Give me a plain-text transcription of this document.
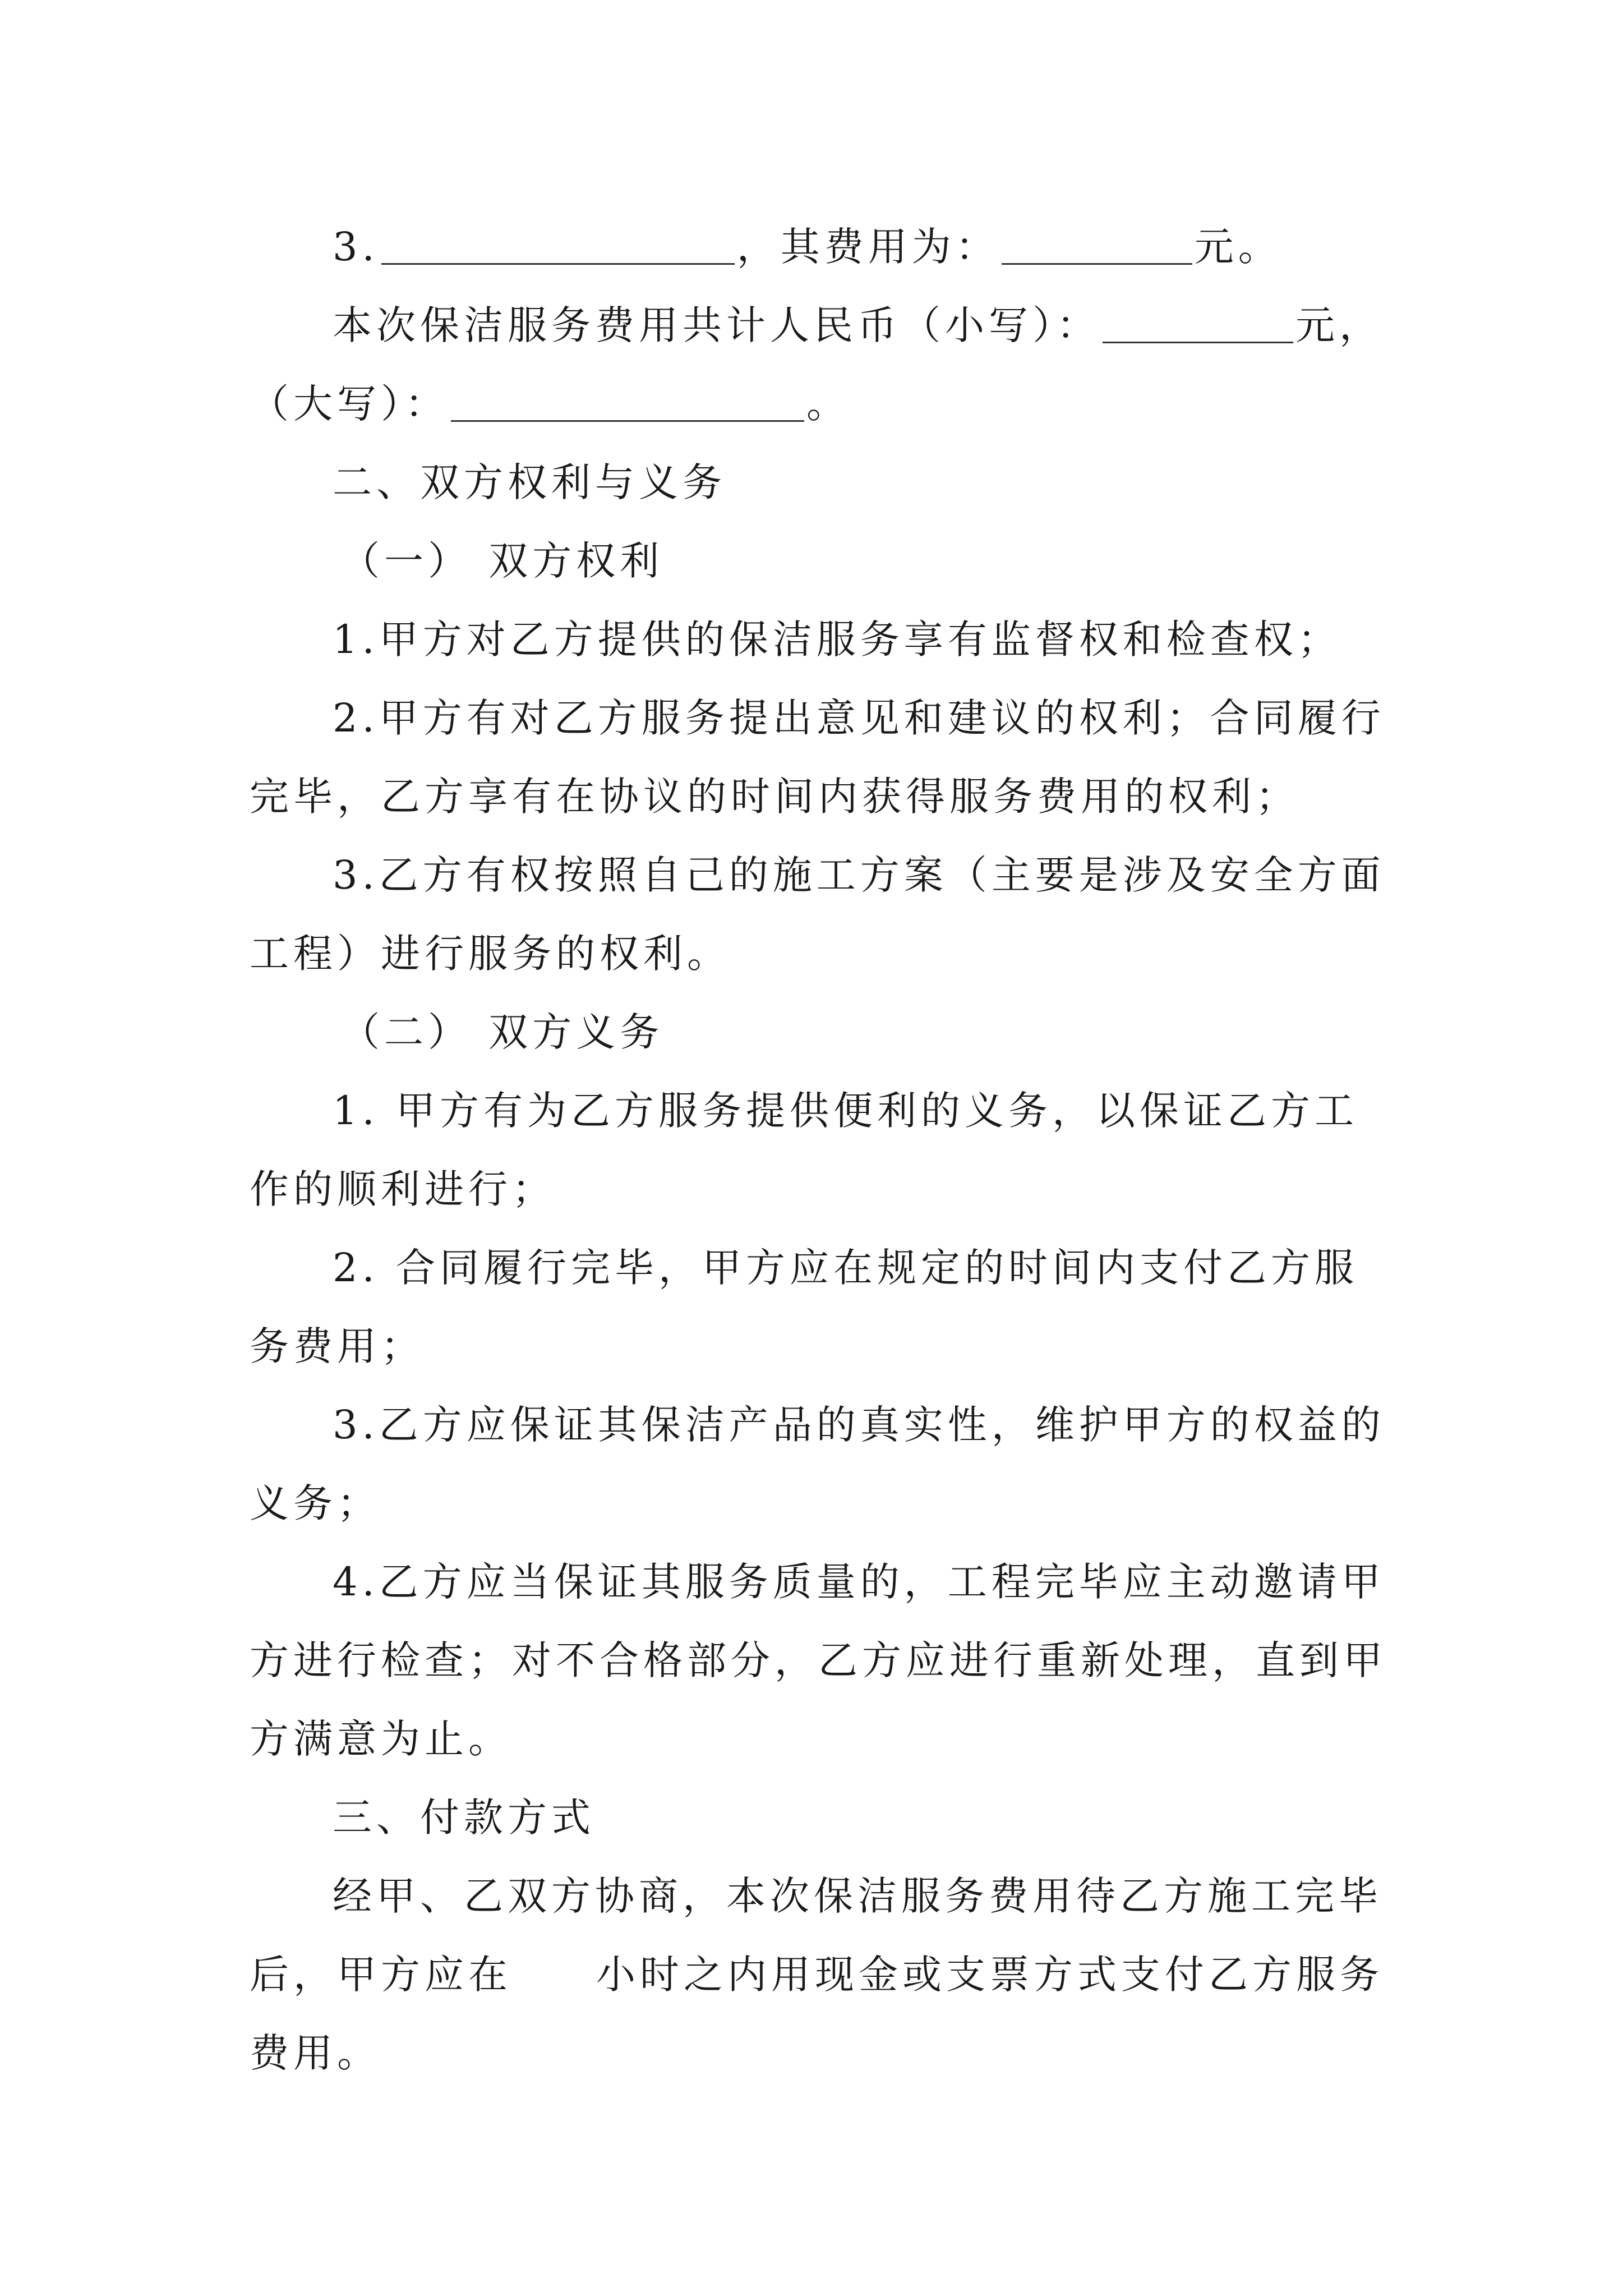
3.	，其费用为：	元。
本次保洁服务费用共计人民币（小写）：	元，
（大写）：	。
二、双方权利与义务
（一） 双方权利
1.甲方对乙方提供的保洁服务享有监督权和检查权；
2.甲方有对乙方服务提出意见和建议的权利；合同履行
完毕，乙方享有在协议的时间内获得服务费用的权利；
3.乙方有权按照自己的施工方案（主要是涉及安全方面
工程）进行服务的权利。
（二） 双方义务
1. 甲方有为乙方服务提供便利的义务，以保证乙方工
作的顺利进行；
2. 合同履行完毕，甲方应在规定的时间内支付乙方服
务费用；
3.乙方应保证其保洁产品的真实性，维护甲方的权益的
义务；
4.乙方应当保证其服务质量的，工程完毕应主动邀请甲
方进行检查；对不合格部分，乙方应进行重新处理，直到甲
方满意为止。
三、付款方式
经甲、乙双方协商，本次保洁服务费用待乙方施工完毕
后，甲方应在 小时之内用现金或支票方式支付乙方服务
费用。
